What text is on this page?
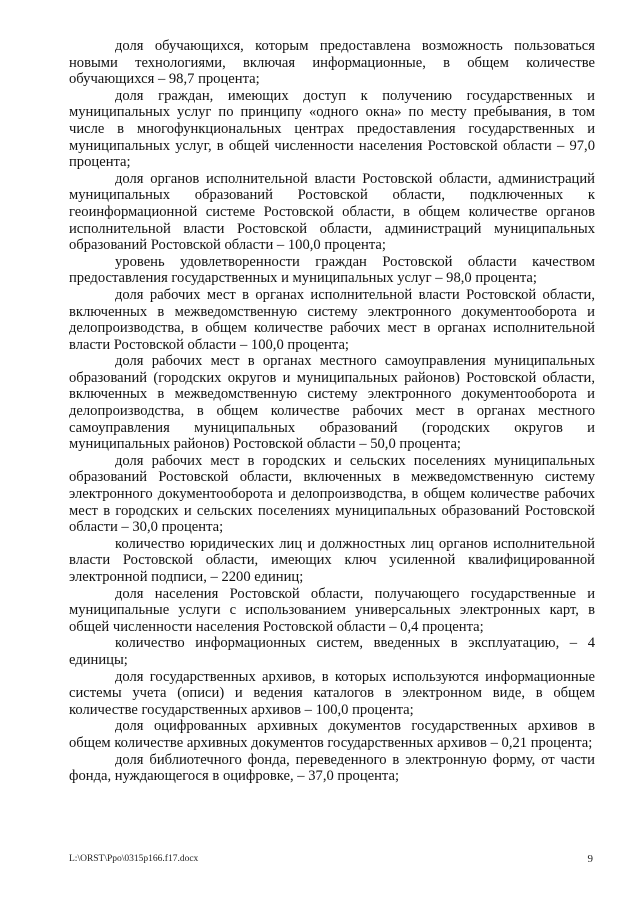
доля обучающихся, которым предоставлена возможность пользоваться новыми технологиями, включая информационные, в общем количестве обучающихся – 98,7 процента;

доля граждан, имеющих доступ к получению государственных и муниципальных услуг по принципу «одного окна» по месту пребывания, в том числе в многофункциональных центрах предоставления государственных и муниципальных услуг, в общей численности населения Ростовской области – 97,0 процента;

доля органов исполнительной власти Ростовской области, администраций муниципальных образований Ростовской области, подключенных к геоинформационной системе Ростовской области, в общем количестве органов исполнительной власти Ростовской области, администраций муниципальных образований Ростовской области – 100,0 процента;

уровень удовлетворенности граждан Ростовской области качеством предоставления государственных и муниципальных услуг – 98,0 процента;

доля рабочих мест в органах исполнительной власти Ростовской области, включенных в межведомственную систему электронного документооборота и делопроизводства, в общем количестве рабочих мест в органах исполнительной власти Ростовской области – 100,0 процента;

доля рабочих мест в органах местного самоуправления муниципальных образований (городских округов и муниципальных районов) Ростовской области, включенных в межведомственную систему электронного документооборота и делопроизводства, в общем количестве рабочих мест в органах местного самоуправления муниципальных образований (городских округов и муниципальных районов) Ростовской области – 50,0 процента;

доля рабочих мест в городских и сельских поселениях муниципальных образований Ростовской области, включенных в межведомственную систему электронного документооборота и делопроизводства, в общем количестве рабочих мест в городских и сельских поселениях муниципальных образований Ростовской области – 30,0 процента;

количество юридических лиц и должностных лиц органов исполнительной власти Ростовской области, имеющих ключ усиленной квалифицированной электронной подписи, – 2200 единиц;

доля населения Ростовской области, получающего государственные и муниципальные услуги с использованием универсальных электронных карт, в общей численности населения Ростовской области – 0,4 процента;

количество информационных систем, введенных в эксплуатацию, – 4 единицы;

доля государственных архивов, в которых используются информационные системы учета (описи) и ведения каталогов в электронном виде, в общем количестве государственных архивов – 100,0 процента;

доля оцифрованных архивных документов государственных архивов в общем количестве архивных документов государственных архивов – 0,21 процента;

доля библиотечного фонда, переведенного в электронную форму, от части фонда, нуждающегося в оцифровке, – 37,0 процента;

L:\ORST\Ppo\0315p166.f17.docx	9
